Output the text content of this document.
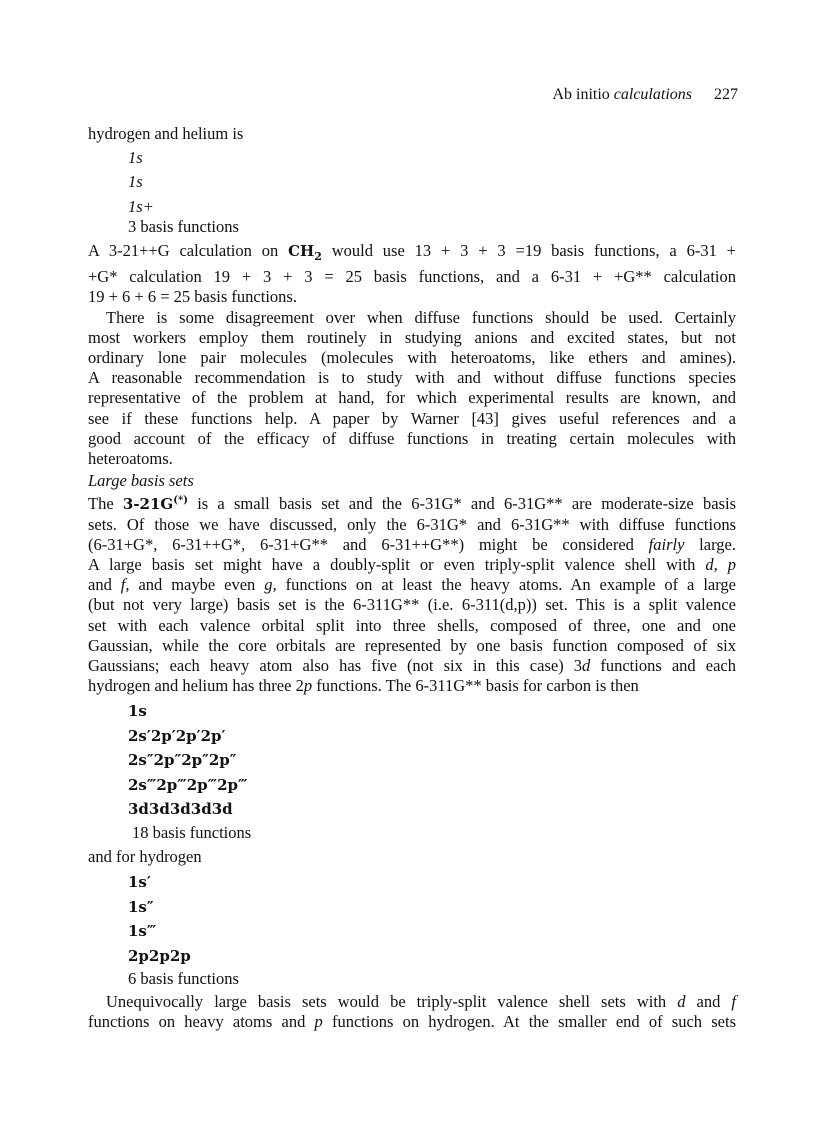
Ab initio calculations 227
hydrogen and helium is
1s
1s
1s+
3 basis functions
A 3-21++G calculation on $CH_2$ would use 13 + 3 + 3 =19 basis functions, a 6-31 +
+G* calculation 19 + 3 + 3 = 25 basis functions, and a 6-31 + +G** calculation
19 + 6 + 6 = 25 basis functions.
There is some disagreement over when diffuse functions should be used. Certainly
most workers employ them routinely in studying anions and excited states, but not
ordinary lone pair molecules (molecules with heteroatoms, like ethers and amines).
A reasonable recommendation is to study with and without diffuse functions species
representative of the problem at hand, for which experimental results are known, and
see if these functions help. A paper by Warner [43] gives useful references and a
good account of the efficacy of diffuse functions in treating certain molecules with
heteroatoms.
Large basis sets
The 3-21G(*) is a small basis set and the 6-31G* and 6-31G** are moderate-size basis
sets. Of those we have discussed, only the 6-31G* and 6-31G** with diffuse functions
(6-31+G*, 6-31++G*, 6-31+G** and 6-31++G**) might be considered fairly large.
A large basis set might have a doubly-split or even triply-split valence shell with d, p
and f, and maybe even g, functions on at least the heavy atoms. An example of a large
(but not very large) basis set is the 6-311G** (i.e. 6-311(d,p)) set. This is a split valence
set with each valence orbital split into three shells, composed of three, one and one
Gaussian, while the core orbitals are represented by one basis function composed of six
Gaussians; each heavy atom also has five (not six in this case) 3d functions and each
hydrogen and helium has three 2p functions. The 6-311G** basis for carbon is then
1s
2s′2p′2p′2p′
2s″2p″2p″2p″
2s‴2p‴2p‴2p‴
3d3d3d3d3d
18 basis functions
and for hydrogen
1s′
1s″
1s‴
2p2p2p
6 basis functions
Unequivocally large basis sets would be triply-split valence shell sets with d and f
functions on heavy atoms and p functions on hydrogen. At the smaller end of such sets
